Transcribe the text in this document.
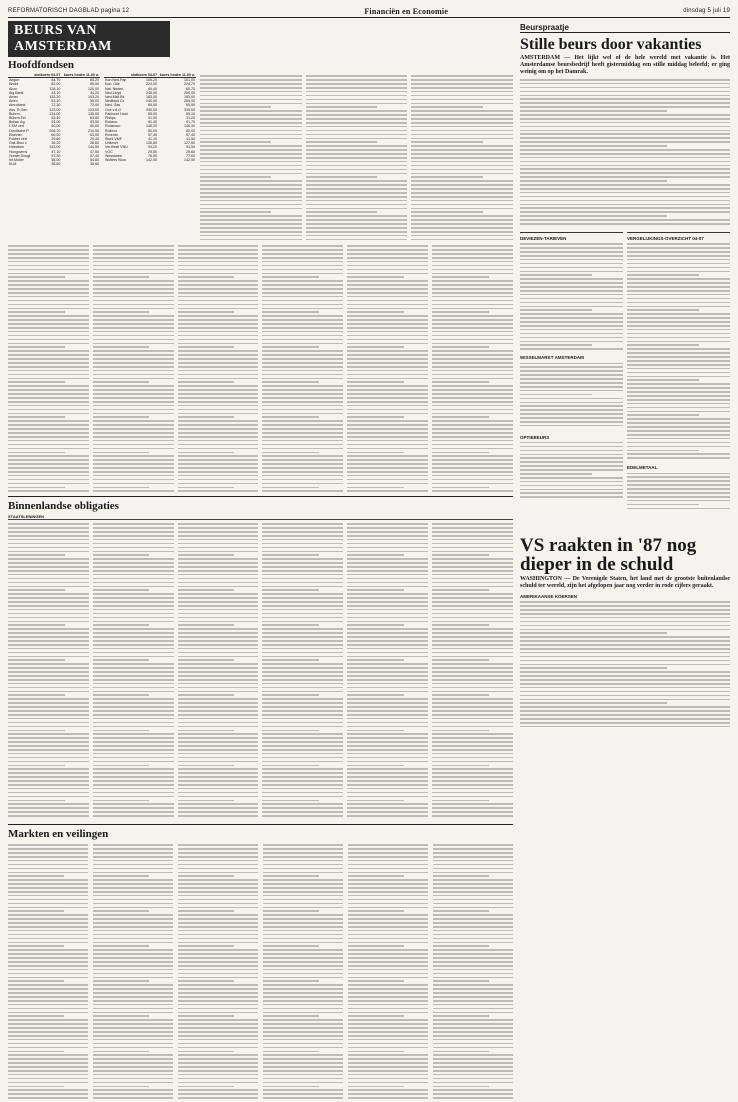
REFORMATORISCH DAGBLAD pagina 12	Financiën en Economie	dinsdag 5 juli 19
BEURS VAN AMSTERDAM
Hoofdfondsen
	slotkoers 04-07	koers heden 11.30 u.
Aegon	84,70	85,20
Ahold	82,00	85,50
Akzo	128,10	120,00
Alg.Bank	43,10	44,20
Amev	153,20	153,20
Amro	53,40	55,00
Amrobank	72,30	72,00
Ass. R.Gen	123,00	123,00
Buhrm.	134,00	135,00
Bührm-Tet	63,40	63,80
Bolsw. Ag	93,00	93,50
CSM cert	60,00	60,00
Dordtsche P	208,70	210,50
Elsevier	60,00	63,00
Fokker cert	29,60	29,40
Gist-Broc c	36,20	36,60
Heineken	143,00	144,50
Hoogovens	47,10	47,50
Hunter Dougl	57,30	57,40
Int.Muller	55,00	54,60
KLM	38,80	38,60
	slotkoers 04-07	koers heden 11.30 u.
Kon.Ned.Pap	105,20	101,00
Kon. Olie	224,00	224,70
Nat. Nederl.	60,40	60,70
Ned.Lloyd	245,00	250,00
Ned.Midl.Bk	183,00	183,00
Nedlloyd Gr.	240,00	255,00
Ned. Gas	65,00	65,50
Océ v.d.G	330,00	330,00
Pakhoed Hold	65,00	65,10
Philips	31,00	31,20
Robeco	91,40	91,70
Rodamco	146,20	146,30
Rolinco	80,00	80,00
Rorento	57,40	57,40
Stork VMF	41,10	41,50
Unilever	126,60	127,50
Ver.Bezit VNU	93,20	93,50
VOC	29,50	29,60
Wessanen	76,50	77,00
Wolters Kluw	142,00	142,50

Binnenlandse obligaties
STAATSLENINGEN
Markten en veilingen
Beurspraatje
Stille beurs door vakanties
AMSTERDAM — Het lijkt wel of de hele wereld met vakantie is. Het Amsterdamse beursbedrijf heeft gistermiddag een stille middag beleefd; er ging weinig om op het Damrak.
DEVIEZEN-TARIEVEN
WISSELMARKT AMSTERDAM
OPTIEBEURS
VERGELIJKINGS-OVERZICHT 04-07
EDELMETAAL
VS raakten in '87 nog dieper in de schuld
WASHINGTON — De Verenigde Staten, het land met de grootste buitenlandse schuld ter wereld, zijn het afgelopen jaar nog verder in rode cijfers geraakt.
AMERIKAANSE KOERSEN
